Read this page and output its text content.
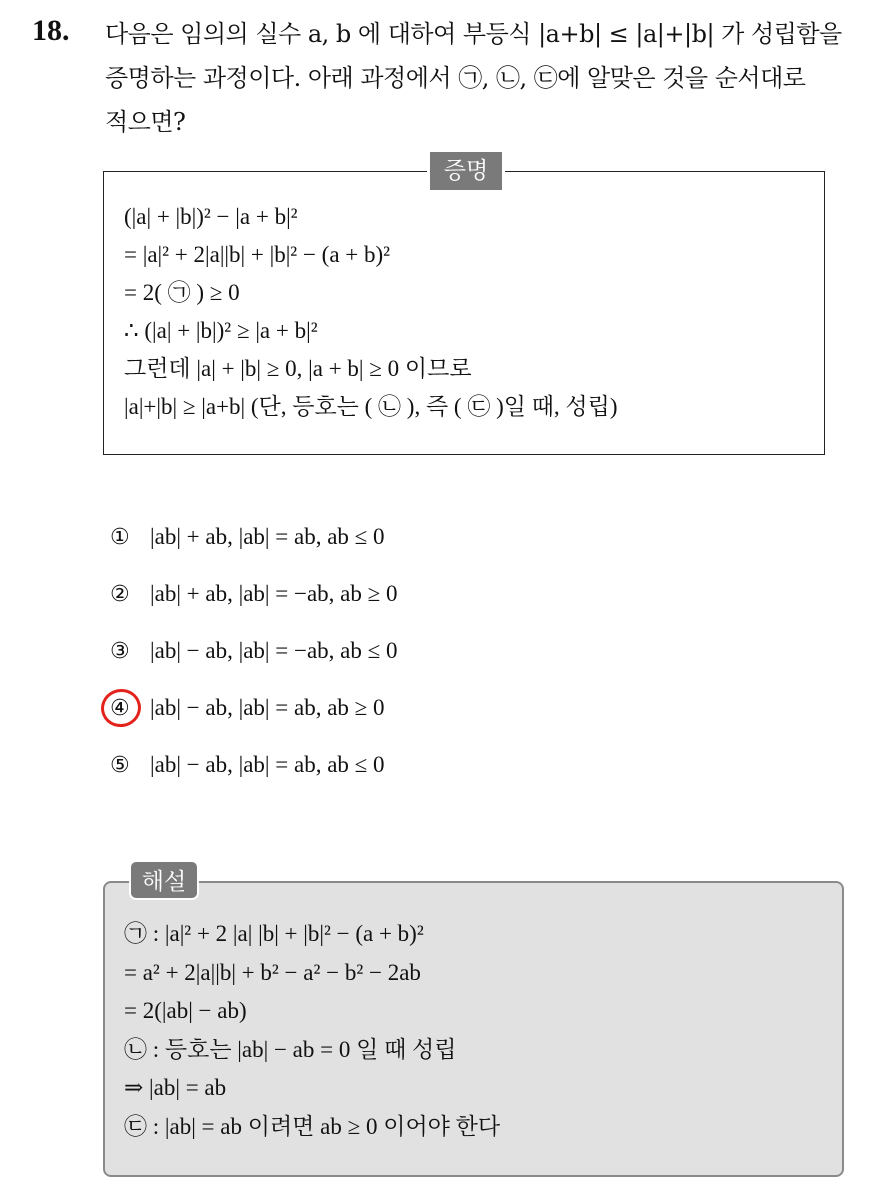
18. 다음은 임의의 실수 a, b 에 대하여 부등식 |a+b| ≤ |a|+|b| 가 성립함을
증명하는 과정이다. 아래 과정에서 ㉠, ㉡, ㉢에 알맞은 것을 순서대로
적으면?
증명
(|a| + |b|)² − |a + b|²
= |a|² + 2|a||b| + |b|² − (a + b)²
= 2( ㉠ ) ≥ 0
∴ (|a| + |b|)² ≥ |a + b|²
그런데 |a| + |b| ≥ 0, |a + b| ≥ 0 이므로
|a|+|b| ≥ |a+b| (단, 등호는 ( ㉡ ), 즉 ( ㉢ )일 때, 성립)
① |ab| + ab, |ab| = ab, ab ≤ 0
② |ab| + ab, |ab| = −ab, ab ≥ 0
③ |ab| − ab, |ab| = −ab, ab ≤ 0
④ |ab| − ab, |ab| = ab, ab ≥ 0
⑤ |ab| − ab, |ab| = ab, ab ≤ 0
해설
㉠ : |a|² + 2 |a| |b| + |b|² − (a + b)²
= a² + 2|a||b| + b² − a² − b² − 2ab
= 2(|ab| − ab)
㉡ : 등호는 |ab| − ab = 0 일 때 성립
⇒ |ab| = ab
㉢ : |ab| = ab 이려면 ab ≥ 0 이어야 한다
